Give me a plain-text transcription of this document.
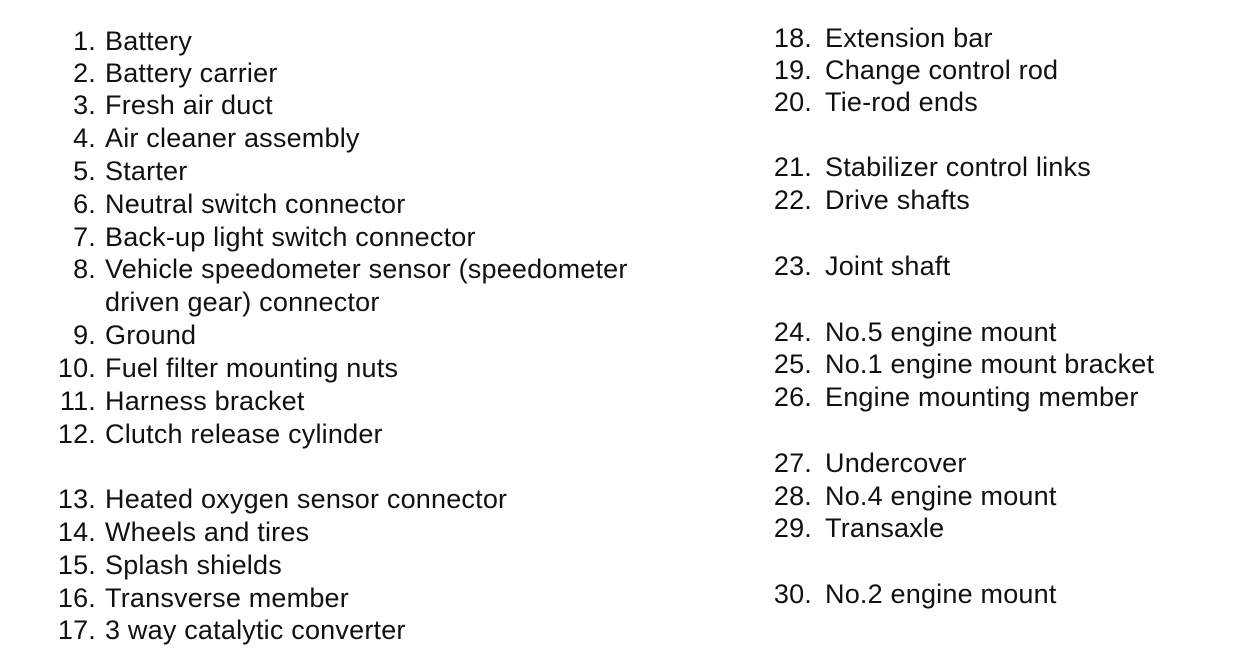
1. Battery
2. Battery carrier
3. Fresh air duct
4. Air cleaner assembly
5. Starter
6. Neutral switch connector
7. Back-up light switch connector
8. Vehicle speedometer sensor (speedometer
driven gear) connector
9. Ground
10. Fuel filter mounting nuts
11. Harness bracket
12. Clutch release cylinder
13. Heated oxygen sensor connector
14. Wheels and tires
15. Splash shields
16. Transverse member
17. 3 way catalytic converter
18. Extension bar
19. Change control rod
20. Tie-rod ends
21. Stabilizer control links
22. Drive shafts
23. Joint shaft
24. No.5 engine mount
25. No.1 engine mount bracket
26. Engine mounting member
27. Undercover
28. No.4 engine mount
29. Transaxle
30. No.2 engine mount
